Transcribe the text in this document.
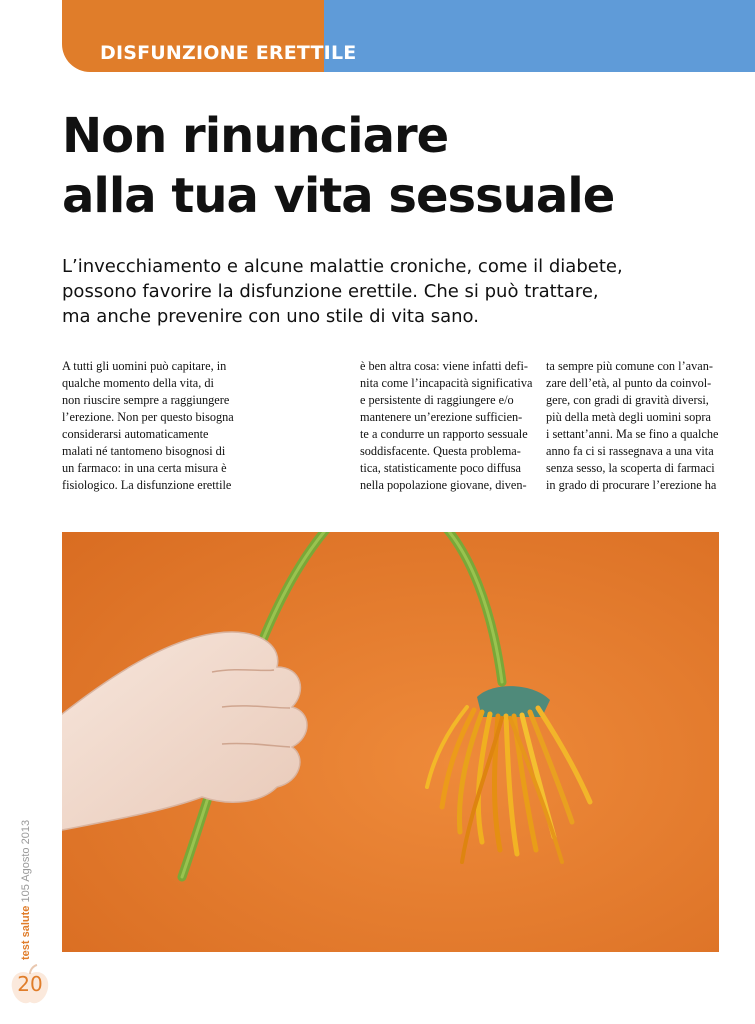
DISFUNZIONE ERETTILE
Non rinunciare
alla tua vita sessuale
L’invecchiamento e alcune malattie croniche, come il diabete,
possono favorire la disfunzione erettile. Che si può trattare,
ma anche prevenire con uno stile di vita sano.
A tutti gli uomini può capitare, in
qualche momento della vita, di
non riuscire sempre a raggiungere
l’erezione. Non per questo bisogna
considerarsi automaticamente
malati né tantomeno bisognosi di
un farmaco: in una certa misura è
fisiologico. La disfunzione erettile
è ben altra cosa: viene infatti defi-
nita come l’incapacità significativa
e persistente di raggiungere e/o
mantenere un’erezione sufficien-
te a condurre un rapporto sessuale
soddisfacente. Questa problema-
tica, statisticamente poco diffusa
nella popolazione giovane, diven-
ta sempre più comune con l’avan-
zare dell’età, al punto da coinvol-
gere, con gradi di gravità diversi,
più della metà degli uomini sopra
i settant’anni. Ma se fino a qualche
anno fa ci si rassegnava a una vita
senza sesso, la scoperta di farmaci
in grado di procurare l’erezione ha
test salute 105 Agosto 2013
20
